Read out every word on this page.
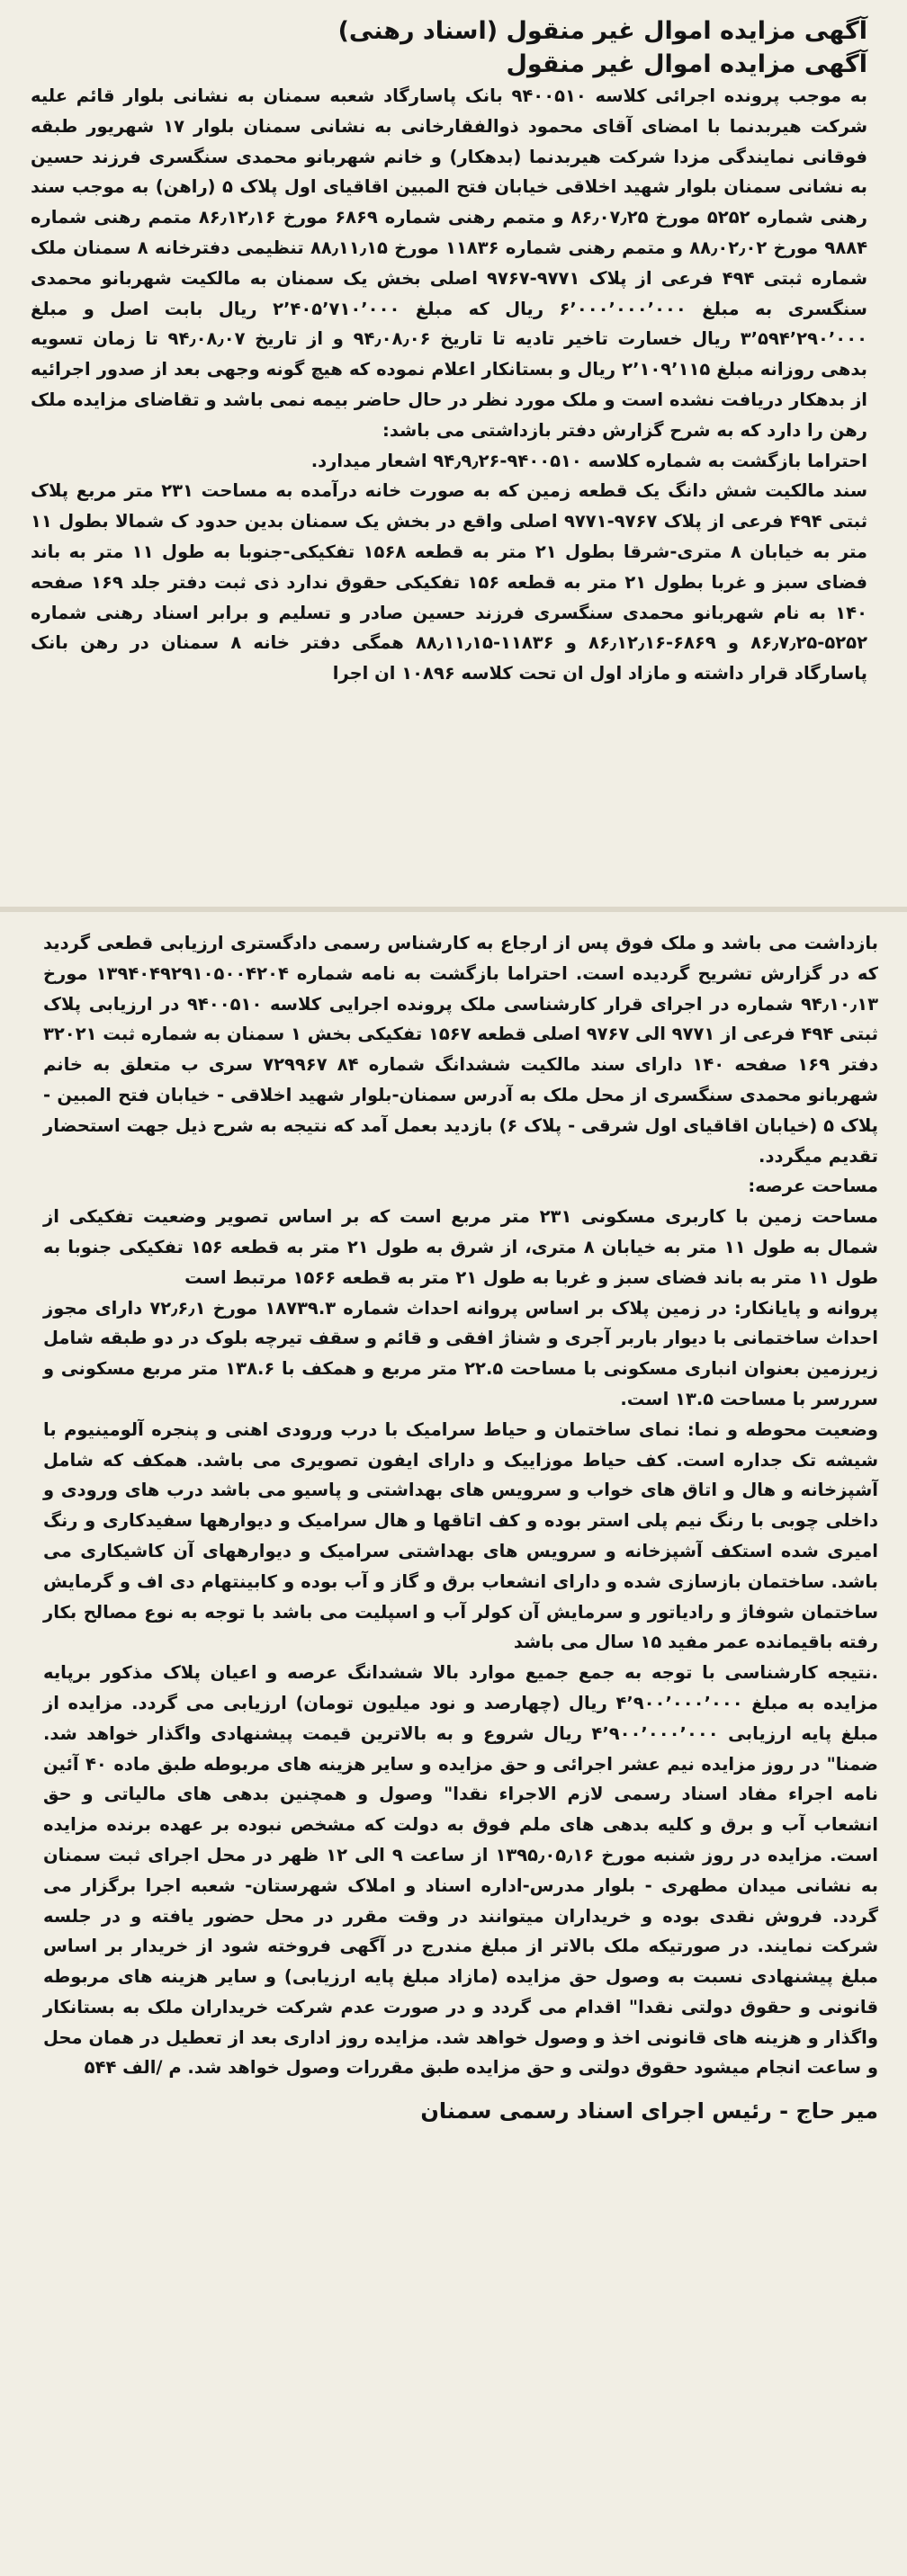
آگهی مزایده اموال غیر منقول (اسناد رهنی)
آگهی مزایده اموال غیر منقول

به موجب پرونده اجرائی کلاسه ۹۴۰۰۵۱۰ بانک پاسارگاد شعبه سمنان به نشانی بلوار قائم علیه شرکت هیربدنما با امضای آقای محمود ذوالفقارخانی به نشانی سمنان بلوار ۱۷ شهریور طبقه فوقانی نمایندگی مزدا شرکت هیربدنما (بدهکار) و خانم شهربانو محمدی سنگسری فرزند حسین به نشانی سمنان بلوار شهید اخلاقی خیابان فتح المبین اقاقیای اول پلاک ۵ (راهن) به موجب سند رهنی شماره ۵۲۵۲ مورخ ۸۶٫۰۷٫۲۵ و متمم رهنی شماره ۶۸۶۹ مورخ ۸۶٫۱۲٫۱۶ متمم رهنی شماره ۹۸۸۴ مورخ ۸۸٫۰۲٫۰۲ و متمم رهنی شماره ۱۱۸۳۶ مورخ ۸۸٫۱۱٫۱۵ تنظیمی دفترخانه ۸ سمنان ملک شماره ثبتی ۴۹۴ فرعی از پلاک ۹۷۷۱-۹۷۶۷ اصلی بخش یک سمنان به مالکیت شهربانو محمدی سنگسری به مبلغ ۶٬۰۰۰٬۰۰۰٬۰۰۰ ریال که مبلغ ۲٬۴۰۵٬۷۱۰٬۰۰۰ ریال بابت اصل و مبلغ ۳٬۵۹۴٬۲۹۰٬۰۰۰ ریال خسارت تاخیر تادیه تا تاریخ ۹۴٫۰۸٫۰۶ و از تاریخ ۹۴٫۰۸٫۰۷ تا زمان تسویه بدهی روزانه مبلغ ۲٬۱۰۹٬۱۱۵ ریال و بستانکار اعلام نموده که هیچ گونه وجهی بعد از صدور اجرائیه از بدهکار دریافت نشده است و ملک مورد نظر در حال حاضر بیمه نمی باشد و تقاضای مزایده ملک رهن را دارد که به شرح گزارش دفتر بازداشتی می باشد:

احتراما بازگشت به شماره کلاسه ۹۴۰۰۵۱۰-۹۴٫۹٫۲۶ اشعار میدارد.

سند مالکیت شش دانگ یک قطعه زمین که به صورت خانه درآمده به مساحت ۲۳۱ متر مربع پلاک ثبتی ۴۹۴ فرعی از پلاک ۹۷۶۷-۹۷۷۱ اصلی واقع در بخش یک سمنان بدین حدود ک شمالا بطول ۱۱ متر به خیابان ۸ متری-شرقا بطول ۲۱ متر به قطعه ۱۵۶۸ تفکیکی-جنوبا به طول ۱۱ متر به باند فضای سبز و غربا بطول ۲۱ متر به قطعه ۱۵۶ تفکیکی حقوق ندارد ذی ثبت دفتر جلد ۱۶۹ صفحه ۱۴۰ به نام شهربانو محمدی سنگسری فرزند حسین صادر و تسلیم و برابر اسناد رهنی شماره ۵۲۵۲-۸۶٫۷٫۲۵ و ۶۸۶۹-۸۶٫۱۲٫۱۶ و ۱۱۸۳۶-۸۸٫۱۱٫۱۵ همگی دفتر خانه ۸ سمنان در رهن بانک پاسارگاد قرار داشته و مازاد اول ان تحت کلاسه ۱۰۸۹۶ ان اجرا

بازداشت می باشد و ملک فوق پس از ارجاع به کارشناس رسمی دادگستری ارزیابی قطعی گردید که در گزارش تشریح گردیده است. احتراما بازگشت به نامه شماره ۱۳۹۴۰۴۹۲۹۱۰۵۰۰۴۲۰۴ مورخ ۹۴٫۱۰٫۱۳ شماره در اجرای قرار کارشناسی ملک پرونده اجرایی کلاسه ۹۴۰۰۵۱۰ در ارزیابی پلاک ثبتی ۴۹۴ فرعی از ۹۷۷۱ الی ۹۷۶۷ اصلی قطعه ۱۵۶۷ تفکیکی بخش ۱ سمنان به شماره ثبت ۳۲۰۲۱ دفتر ۱۶۹ صفحه ۱۴۰ دارای سند مالکیت ششدانگ شماره ۸۴ ۷۲۹۹۶۷ سری ب متعلق به خانم شهربانو محمدی سنگسری از محل ملک به آدرس سمنان-بلوار شهید اخلاقی - خیابان فتح المبین - پلاک ۵ (خیابان اقاقیای اول شرقی - پلاک ۶) بازدید بعمل آمد که نتیجه به شرح ذیل جهت استحضار تقدیم میگردد.

مساحت عرصه:

مساحت زمین با کاربری مسکونی ۲۳۱ متر مربع است که بر اساس تصویر وضعیت تفکیکی از شمال به طول ۱۱ متر به خیابان ۸ متری، از شرق به طول ۲۱ متر به قطعه ۱۵۶ تفکیکی جنوبا به طول ۱۱ متر به باند فضای سبز و غربا به طول ۲۱ متر به قطعه ۱۵۶۶ مرتبط است

پروانه و پایانکار: در زمین پلاک بر اساس پروانه احداث شماره ۱۸۷۳۹.۳ مورخ ۷۲٫۶٫۱ دارای مجوز احداث ساختمانی با دیوار باربر آجری و شناژ افقی و قائم و سقف تیرچه بلوک در دو طبقه شامل زیرزمین بعنوان انباری مسکونی با مساحت ۲۲.۵ متر مربع و همکف با ۱۳۸.۶ متر مربع مسکونی و سررسر با مساحت ۱۳.۵ است.

وضعیت محوطه و نما: نمای ساختمان و حیاط سرامیک با درب ورودی اهنی و پنجره آلومینیوم با شیشه تک جداره است. کف حیاط موزاییک و دارای ایفون تصویری می باشد. همکف که شامل آشپزخانه و هال و اتاق های خواب و سرویس های بهداشتی و پاسیو می باشد درب های ورودی و داخلی چوبی با رنگ نیم پلی استر بوده و کف اتاقها و هال سرامیک و دیوارهها سفیدکاری و رنگ امیری شده استکف آشپزخانه و سرویس های بهداشتی سرامیک و دیوارههای آن کاشیکاری می باشد. ساختمان بازسازی شده و دارای انشعاب برق و گاز و آب بوده و کابینتهام دی اف و گرمایش ساختمان شوفاژ و رادیاتور و سرمایش آن کولر آب و اسپلیت می باشد با توجه به نوع مصالح بکار رفته باقیمانده عمر مفید ۱۵ سال می باشد

.نتیجه کارشناسی با توجه به جمع جمیع موارد بالا ششدانگ عرصه و اعیان پلاک مذکور برپایه مزایده به مبلغ ۴٬۹۰۰٬۰۰۰٬۰۰۰ ریال (چهارصد و نود میلیون تومان) ارزیابی می گردد. مزایده از مبلغ پایه ارزیابی ۴٬۹۰۰٬۰۰۰٬۰۰۰ ریال شروع و به بالاترین قیمت پیشنهادی واگذار خواهد شد. ضمنا" در روز مزایده نیم عشر اجرائی و حق مزایده و سایر هزینه های مربوطه طبق ماده ۴۰ آئین نامه اجراء مفاد اسناد رسمی لازم الاجراء نقدا" وصول و همچنین بدهی های مالیاتی و حق انشعاب آب و برق و کلیه بدهی های ملم فوق به دولت که مشخص نبوده بر عهده برنده مزایده است. مزایده در روز شنبه مورخ ۱۳۹۵٫۰۵٫۱۶ از ساعت ۹ الی ۱۲ ظهر در محل اجرای ثبت سمنان به نشانی میدان مطهری - بلوار مدرس-اداره اسناد و املاک شهرستان- شعبه اجرا برگزار می گردد. فروش نقدی بوده و خریداران میتوانند در وقت مقرر در محل حضور یافته و در جلسه شرکت نمایند. در صورتیکه ملک بالاتر از مبلغ مندرج در آگهی فروخته شود از خریدار بر اساس مبلغ پیشنهادی نسبت به وصول حق مزایده (مازاد مبلغ پایه ارزیابی) و سایر هزینه های مربوطه قانونی و حقوق دولتی نقدا" اقدام می گردد و در صورت عدم شرکت خریداران ملک به بستانکار واگذار و هزینه های قانونی اخذ و وصول خواهد شد. مزایده روز اداری بعد از تعطیل در همان محل و ساعت انجام میشود حقوق دولتی و حق مزایده طبق مقررات وصول خواهد شد. م /الف ۵۴۴

میر حاج - رئیس اجرای اسناد رسمی سمنان
